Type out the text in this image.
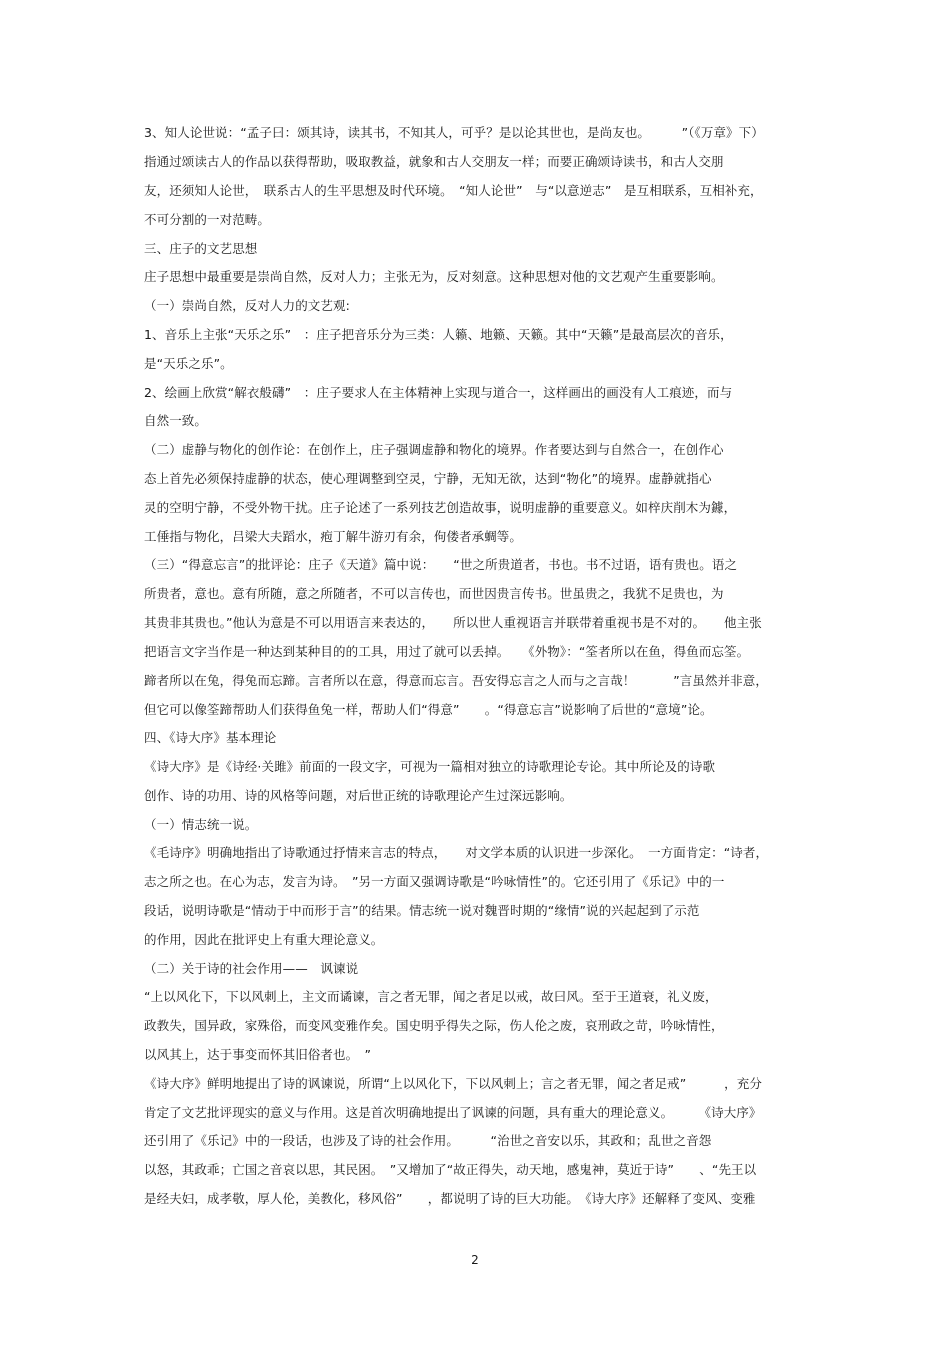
3、知人论世说：“孟子曰：颂其诗，读其书，不知其人，可乎？是以论其世也，是尚友也。　　　”（《万章》下）
指通过颂读古人的作品以获得帮助，吸取教益，就象和古人交朋友一样；而要正确颂诗读书，和古人交朋
友，还须知人论世，　联系古人的生平思想及时代环境。　“知人论世”　与“以意逆志”　是互相联系，互相补充，
不可分割的一对范畴。
三、庄子的文艺思想
庄子思想中最重要是崇尚自然，反对人力；主张无为，反对刻意。这种思想对他的文艺观产生重要影响。
（一）崇尚自然，反对人力的文艺观:
1、音乐上主张“天乐之乐”　：庄子把音乐分为三类：人籁、地籁、天籁。其中“天籁”是最高层次的音乐，
是“天乐之乐”。
2、绘画上欣赏“解衣般礴”　：庄子要求人在主体精神上实现与道合一，这样画出的画没有人工痕迹，而与
自然一致。
（二）虚静与物化的创作论：在创作上，庄子强调虚静和物化的境界。作者要达到与自然合一，在创作心
态上首先必须保持虚静的状态，使心理调整到空灵，宁静，无知无欲，达到“物化”的境界。虚静就指心
灵的空明宁静，不受外物干扰。庄子论述了一系列技艺创造故事，说明虚静的重要意义。如梓庆削木为鐻，
工倕指与物化，吕梁大夫蹈水，疱丁解牛游刃有余，佝偻者承蜩等。
（三）“得意忘言”的批评论：庄子《天道》篇中说：　　“世之所贵道者，书也。书不过语，语有贵也。语之
所贵者，意也。意有所随，意之所随者，不可以言传也，而世因贵言传书。世虽贵之，我犹不足贵也，为
其贵非其贵也。”他认为意是不可以用语言来表达的，　　所以世人重视语言并联带着重视书是不对的。　　他主张
把语言文字当作是一种达到某种目的的工具，用过了就可以丢掉。　　《外物》：“筌者所以在鱼，得鱼而忘筌。
蹄者所以在兔，得兔而忘蹄。言者所以在意，得意而忘言。吾安得忘言之人而与之言哉！　　　”言虽然并非意，
但它可以像筌蹄帮助人们获得鱼兔一样，帮助人们“得意”　　。“得意忘言”说影响了后世的“意境”论。
四、《诗大序》基本理论
《诗大序》是《诗经·关雎》前面的一段文字，可视为一篇相对独立的诗歌理论专论。其中所论及的诗歌
创作、诗的功用、诗的风格等问题，对后世正统的诗歌理论产生过深远影响。
（一）情志统一说。
《毛诗序》明确地指出了诗歌通过抒情来言志的特点，　　对文学本质的认识进一步深化。　一方面肯定：“诗者，
志之所之也。在心为志，发言为诗。　”另一方面又强调诗歌是“吟咏情性”的。它还引用了《乐记》中的一
段话，说明诗歌是“情动于中而形于言”的结果。情志统一说对魏晋时期的“缘情”说的兴起起到了示范
的作用，因此在批评史上有重大理论意义。
（二）关于诗的社会作用——　讽谏说
“上以风化下，下以风刺上，主文而谲谏，言之者无罪，闻之者足以戒，故曰风。至于王道衰，礼义废，
政教失，国异政，家殊俗，而变风变雅作矣。国史明乎得失之际，伤人伦之废，哀刑政之苛，吟咏情性，
以风其上，达于事变而怀其旧俗者也。　”
《诗大序》鲜明地提出了诗的讽谏说，所谓“上以风化下，下以风刺上；言之者无罪，闻之者足戒”　　　，充分
肯定了文艺批评现实的意义与作用。这是首次明确地提出了讽谏的问题，具有重大的理论意义。　　　《诗大序》
还引用了《乐记》中的一段话，也涉及了诗的社会作用。　　　“治世之音安以乐，其政和；乱世之音怨
以怒，其政乖；亡国之音哀以思，其民困。　”又增加了“故正得失，动天地，感鬼神，莫近于诗”　　、“先王以
是经夫妇，成孝敬，厚人伦，美教化，移风俗”　　，都说明了诗的巨大功能。　《诗大序》还解释了变风、变雅
2
